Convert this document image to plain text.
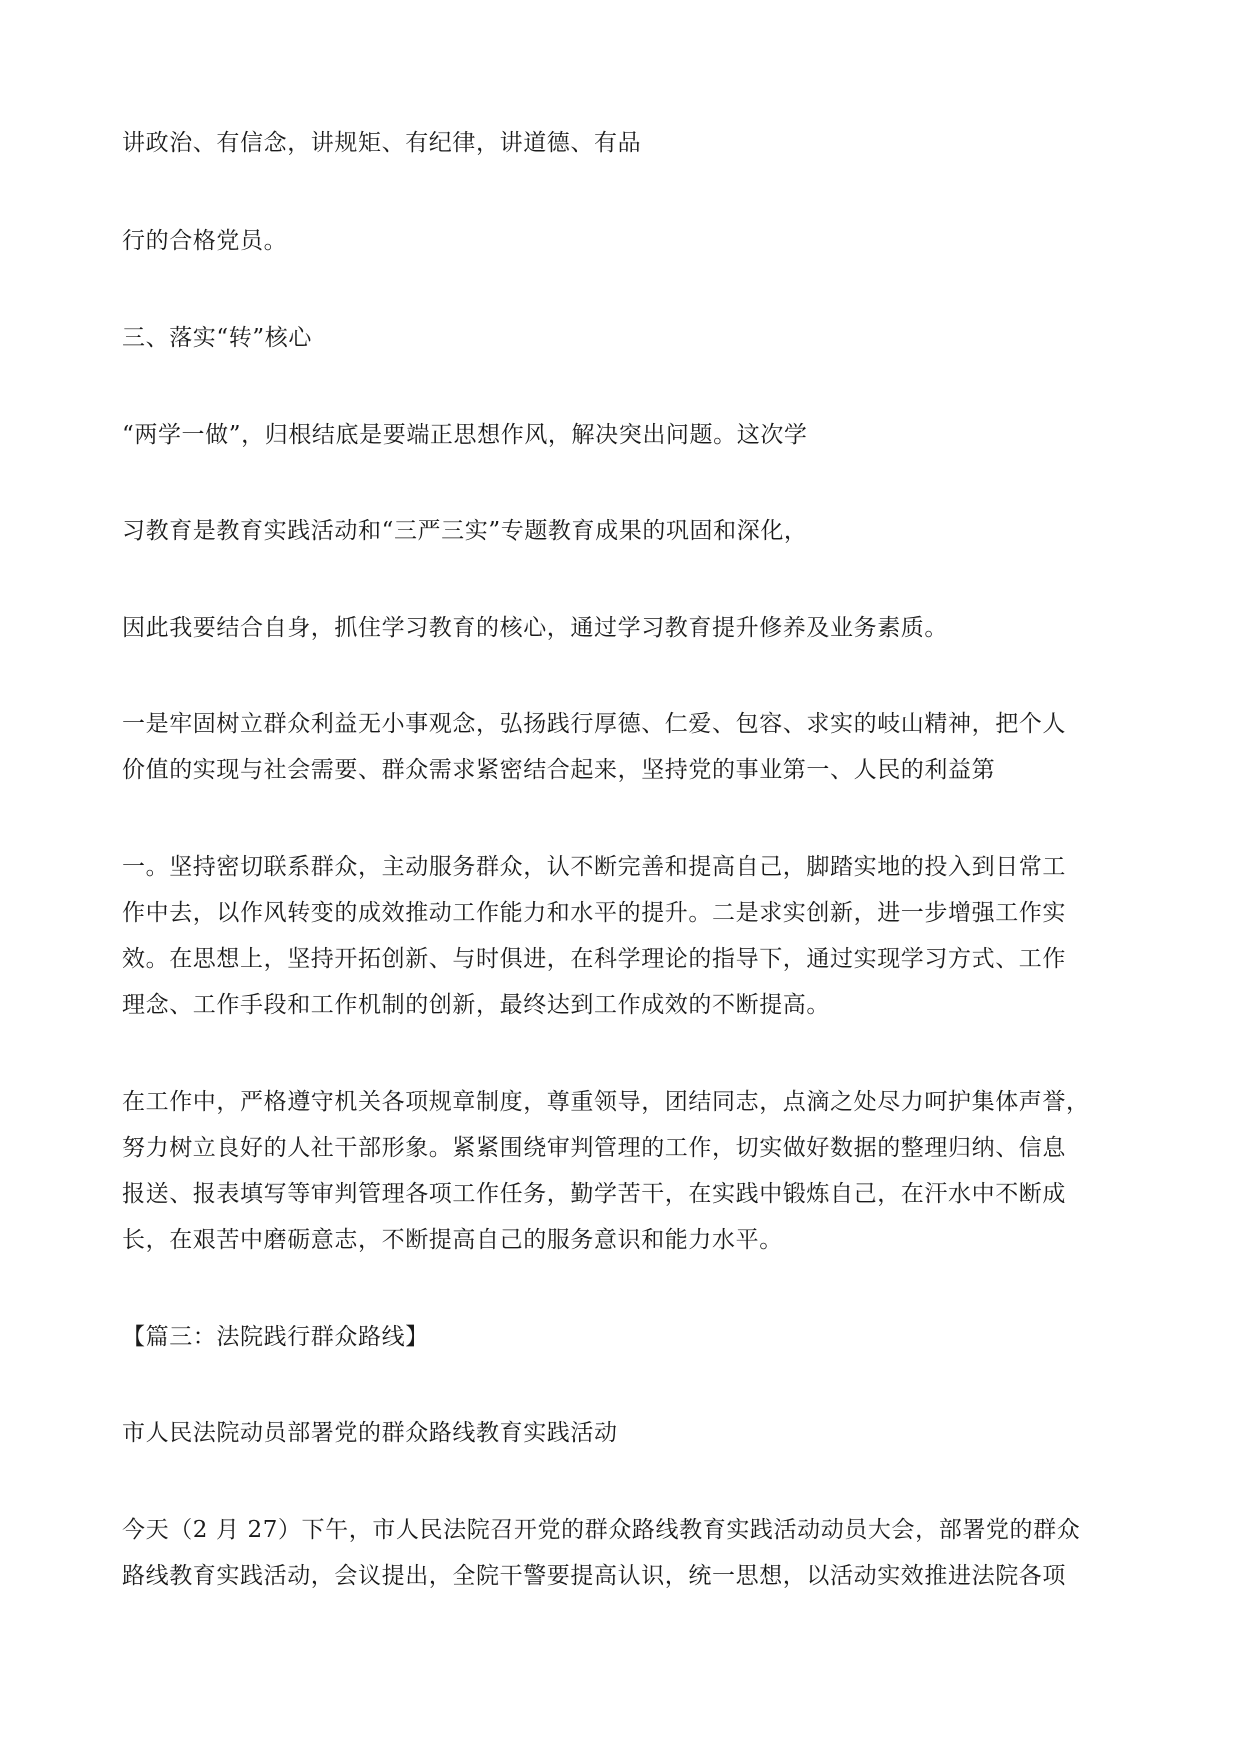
讲政治、有信念，讲规矩、有纪律，讲道德、有品

行的合格党员。

三、落实“转”核心

“两学一做”，归根结底是要端正思想作风，解决突出问题。这次学

习教育是教育实践活动和“三严三实”专题教育成果的巩固和深化，

因此我要结合自身，抓住学习教育的核心，通过学习教育提升修养及业务素质。

一是牢固树立群众利益无小事观念，弘扬践行厚德、仁爱、包容、求实的岐山精神，把个人

价值的实现与社会需要、群众需求紧密结合起来，坚持党的事业第一、人民的利益第

一。坚持密切联系群众，主动服务群众，认不断完善和提高自己，脚踏实地的投入到日常工

作中去，以作风转变的成效推动工作能力和水平的提升。二是求实创新，进一步增强工作实

效。在思想上，坚持开拓创新、与时俱进，在科学理论的指导下，通过实现学习方式、工作

理念、工作手段和工作机制的创新，最终达到工作成效的不断提高。

在工作中，严格遵守机关各项规章制度，尊重领导，团结同志，点滴之处尽力呵护集体声誉，

努力树立良好的人社干部形象。紧紧围绕审判管理的工作，切实做好数据的整理归纳、信息

报送、报表填写等审判管理各项工作任务，勤学苦干，在实践中锻炼自己，在汗水中不断成

长，在艰苦中磨砺意志，不断提高自己的服务意识和能力水平。

【篇三：法院践行群众路线】

市人民法院动员部署党的群众路线教育实践活动

今天（2 月 27）下午，市人民法院召开党的群众路线教育实践活动动员大会，部署党的群众

路线教育实践活动，会议提出，全院干警要提高认识，统一思想，以活动实效推进法院各项
